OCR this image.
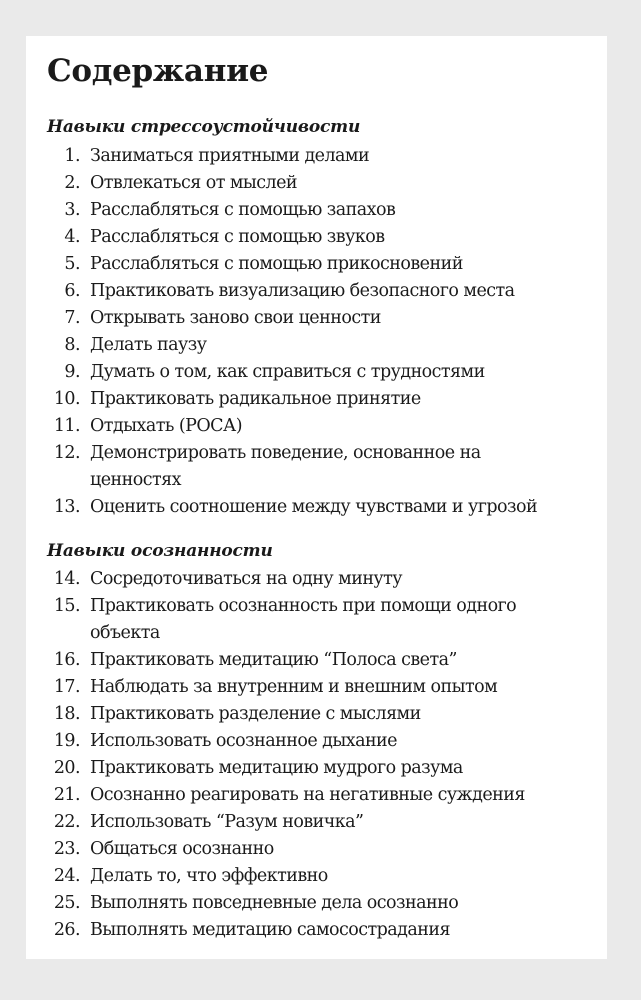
Содержание
Навыки стрессоустойчивости
1. Заниматься приятными делами
2. Отвлекаться от мыслей
3. Расслабляться с помощью запахов
4. Расслабляться с помощью звуков
5. Расслабляться с помощью прикосновений
6. Практиковать визуализацию безопасного места
7. Открывать заново свои ценности
8. Делать паузу
9. Думать о том, как справиться с трудностями
10. Практиковать радикальное принятие
11. Отдыхать (РОСА)
12. Демонстрировать поведение, основанное на ценностях
13. Оценить соотношение между чувствами и угрозой
Навыки осознанности
14. Сосредоточиваться на одну минуту
15. Практиковать осознанность при помощи одного объекта
16. Практиковать медитацию “Полоса света”
17. Наблюдать за внутренним и внешним опытом
18. Практиковать разделение с мыслями
19. Использовать осознанное дыхание
20. Практиковать медитацию мудрого разума
21. Осознанно реагировать на негативные суждения
22. Использовать “Разум новичка”
23. Общаться осознанно
24. Делать то, что эффективно
25. Выполнять повседневные дела осознанно
26. Выполнять медитацию самосострадания
